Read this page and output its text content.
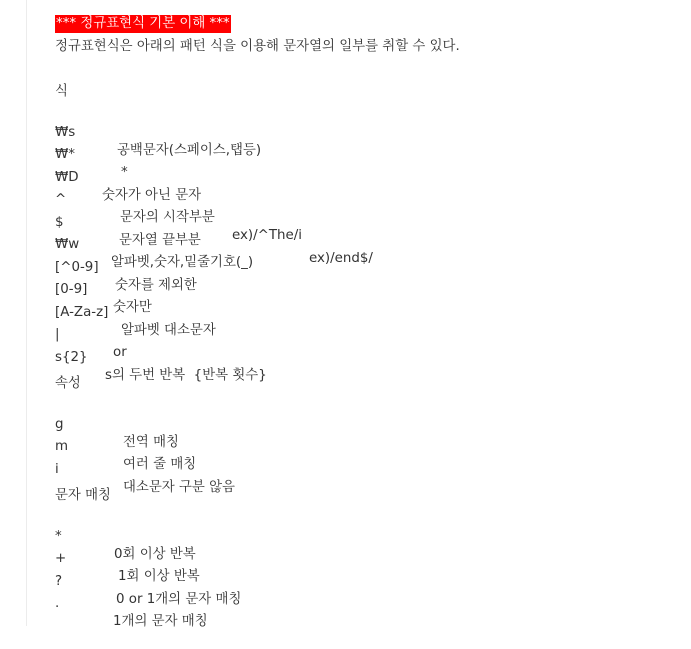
*** 정규표현식 기본 이해 ***
정규표현식은 아래의 패턴 식을 이용해 문자열의 일부를 취할 수 있다.
식

₩s

공백문자(스페이스,탭등)

₩*

*

₩D

숫자가 아닌 문자

^

문자의 시작부분

ex)/^The/i

$

문자열 끝부분

ex)/end$/

₩w

알파벳,숫자,밑줄기호(_)

[^0-9]

숫자를 제외한

[0-9]

숫자만

[A-Za-z]

알파벳 대소문자

|

or

s{2}

s의 두번 반복  {반복 횟수}

속성

g

전역 매칭

m

여러 줄 매칭

i

대소문자 구분 않음

문자 매칭

*

0회 이상 반복

+

1회 이상 반복

?

0 or 1개의 문자 매칭

.

1개의 문자 매칭
